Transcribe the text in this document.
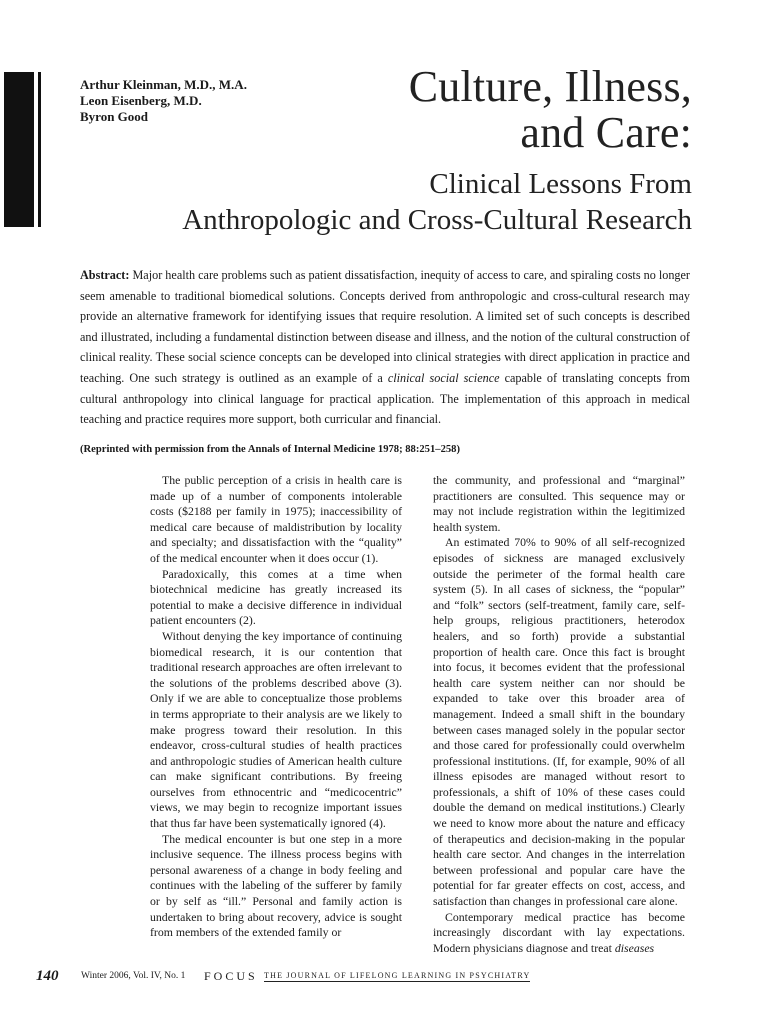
Arthur Kleinman, M.D., M.A.
Leon Eisenberg, M.D.
Byron Good
Culture, Illness,
and Care:
Clinical Lessons From
Anthropologic and Cross-Cultural Research
Abstract: Major health care problems such as patient dissatisfaction, inequity of access to care, and spiraling costs no longer seem amenable to traditional biomedical solutions. Concepts derived from anthropologic and cross-cultural research may provide an alternative framework for identifying issues that require resolution. A limited set of such concepts is described and illustrated, including a fundamental distinction between disease and illness, and the notion of the cultural construction of clinical reality. These social science concepts can be developed into clinical strategies with direct application in practice and teaching. One such strategy is outlined as an example of a clinical social science capable of translating concepts from cultural anthropology into clinical language for practical application. The implementation of this approach in medical teaching and practice requires more support, both curricular and financial.
(Reprinted with permission from the Annals of Internal Medicine 1978; 88:251–258)

The public perception of a crisis in health care is made up of a number of components intolerable costs ($2188 per family in 1975); inaccessibility of medical care because of maldistribution by locality and specialty; and dissatisfaction with the “quality” of the medical encounter when it does occur (1).

Paradoxically, this comes at a time when biotechnical medicine has greatly increased its potential to make a decisive difference in individual patient encounters (2).

Without denying the key importance of continuing biomedical research, it is our contention that traditional research approaches are often irrelevant to the solutions of the problems described above (3). Only if we are able to conceptualize those problems in terms appropriate to their analysis are we likely to make progress toward their resolution. In this endeavor, cross-cultural studies of health practices and anthropologic studies of American health culture can make significant contributions. By freeing ourselves from ethnocentric and “medicocentric” views, we may begin to recognize important issues that thus far have been systematically ignored (4).

The medical encounter is but one step in a more inclusive sequence. The illness process begins with personal awareness of a change in body feeling and continues with the labeling of the sufferer by family or by self as “ill.” Personal and family action is undertaken to bring about recovery, advice is sought from members of the extended family or

the community, and professional and “marginal” practitioners are consulted. This sequence may or may not include registration within the legitimized health system.

An estimated 70% to 90% of all self-recognized episodes of sickness are managed exclusively outside the perimeter of the formal health care system (5). In all cases of sickness, the “popular” and “folk” sectors (self-treatment, family care, self-help groups, religious practitioners, heterodox healers, and so forth) provide a substantial proportion of health care. Once this fact is brought into focus, it becomes evident that the professional health care system neither can nor should be expanded to take over this broader area of management. Indeed a small shift in the boundary between cases managed solely in the popular sector and those cared for professionally could overwhelm professional institutions. (If, for example, 90% of all illness episodes are managed without resort to professionals, a shift of 10% of these cases could double the demand on medical institutions.) Clearly we need to know more about the nature and efficacy of therapeutics and decision-making in the popular health care sector. And changes in the interrelation between professional and popular care have the potential for far greater effects on cost, access, and satisfaction than changes in professional care alone.

Contemporary medical practice has become increasingly discordant with lay expectations. Modern physicians diagnose and treat diseases

140 Winter 2006, Vol. IV, No. 1 FOCUS THE JOURNAL OF LIFELONG LEARNING IN PSYCHIATRY
